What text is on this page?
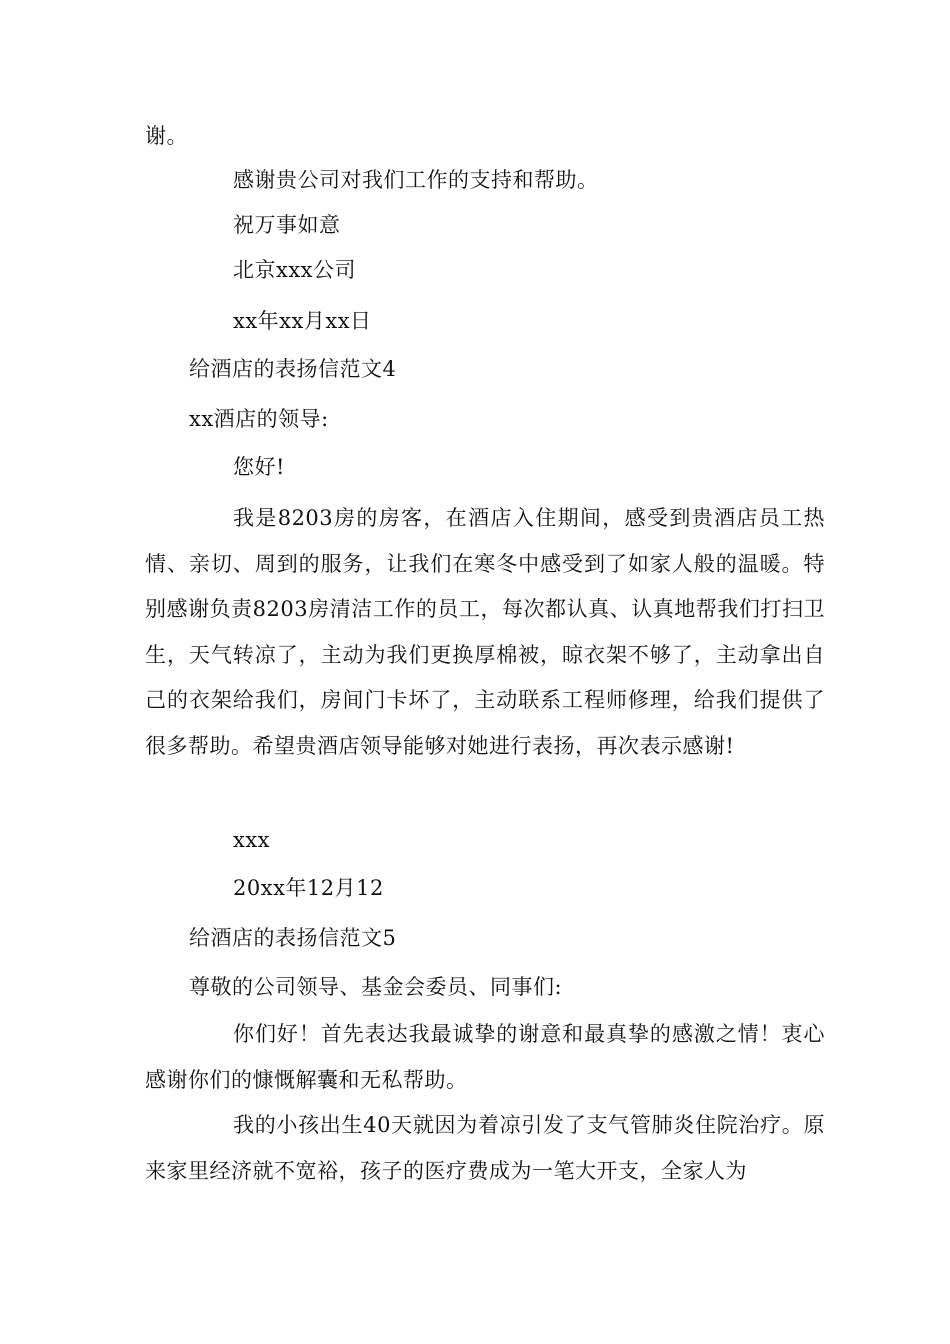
谢。
感谢贵公司对我们工作的支持和帮助。
祝万事如意
北京xxx公司
xx年xx月xx日
给酒店的表扬信范文4
xx酒店的领导:
您好!
我是8203房的房客，在酒店入住期间，感受到贵酒店员工热情、亲切、周到的服务，让我们在寒冬中感受到了如家人般的温暖。特别感谢负责8203房清洁工作的员工，每次都认真、认真地帮我们打扫卫生，天气转凉了，主动为我们更换厚棉被，晾衣架不够了，主动拿出自己的衣架给我们，房间门卡坏了，主动联系工程师修理，给我们提供了很多帮助。希望贵酒店领导能够对她进行表扬，再次表示感谢!
xxx
20xx年12月12
给酒店的表扬信范文5
尊敬的公司领导、基金会委员、同事们:
你们好！首先表达我最诚挚的谢意和最真挚的感激之情！衷心感谢你们的慷慨解囊和无私帮助。
我的小孩出生40天就因为着凉引发了支气管肺炎住院治疗。原来家里经济就不宽裕，孩子的医疗费成为一笔大开支，全家人为
